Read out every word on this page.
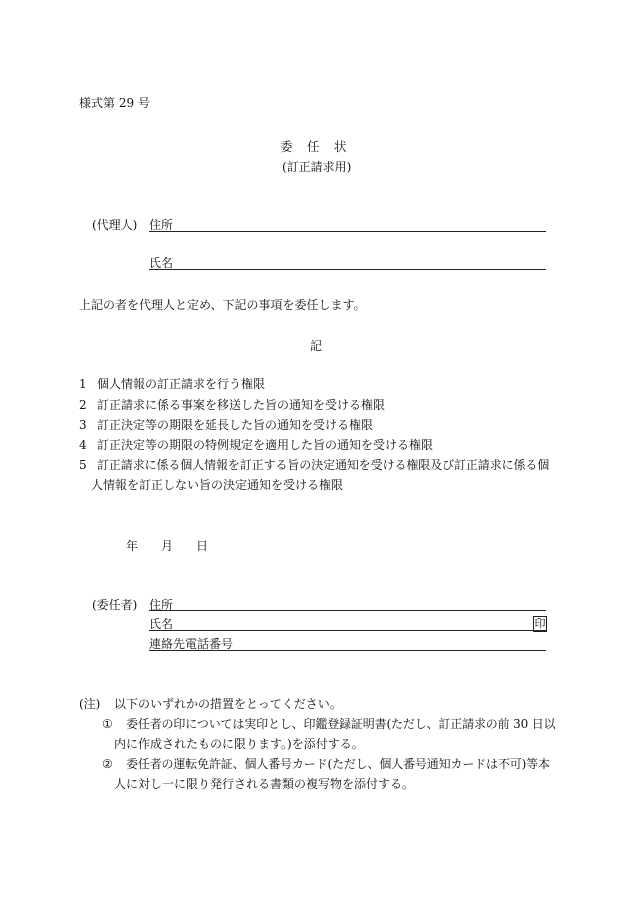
様式第 29 号
委　任　状
(訂正請求用)
(代理人) 住所
氏名
上記の者を代理人と定め、下記の事項を委任します。
記
1 個人情報の訂正請求を行う権限
2 訂正請求に係る事案を移送した旨の通知を受ける権限
3 訂正決定等の期限を延長した旨の通知を受ける権限
4 訂正決定等の期限の特例規定を適用した旨の通知を受ける権限
5 訂正請求に係る個人情報を訂正する旨の決定通知を受ける権限及び訂正請求に係る個
人情報を訂正しない旨の決定通知を受ける権限
年 月 日
(委任者) 住所
氏名	印
連絡先電話番号
(注) 以下のいずれかの措置をとってください。
① 委任者の印については実印とし、印鑑登録証明書(ただし、訂正請求の前 30 日以
内に作成されたものに限ります。)を添付する。
② 委任者の運転免許証、個人番号カード(ただし、個人番号通知カードは不可)等本
人に対し一に限り発行される書類の複写物を添付する。
